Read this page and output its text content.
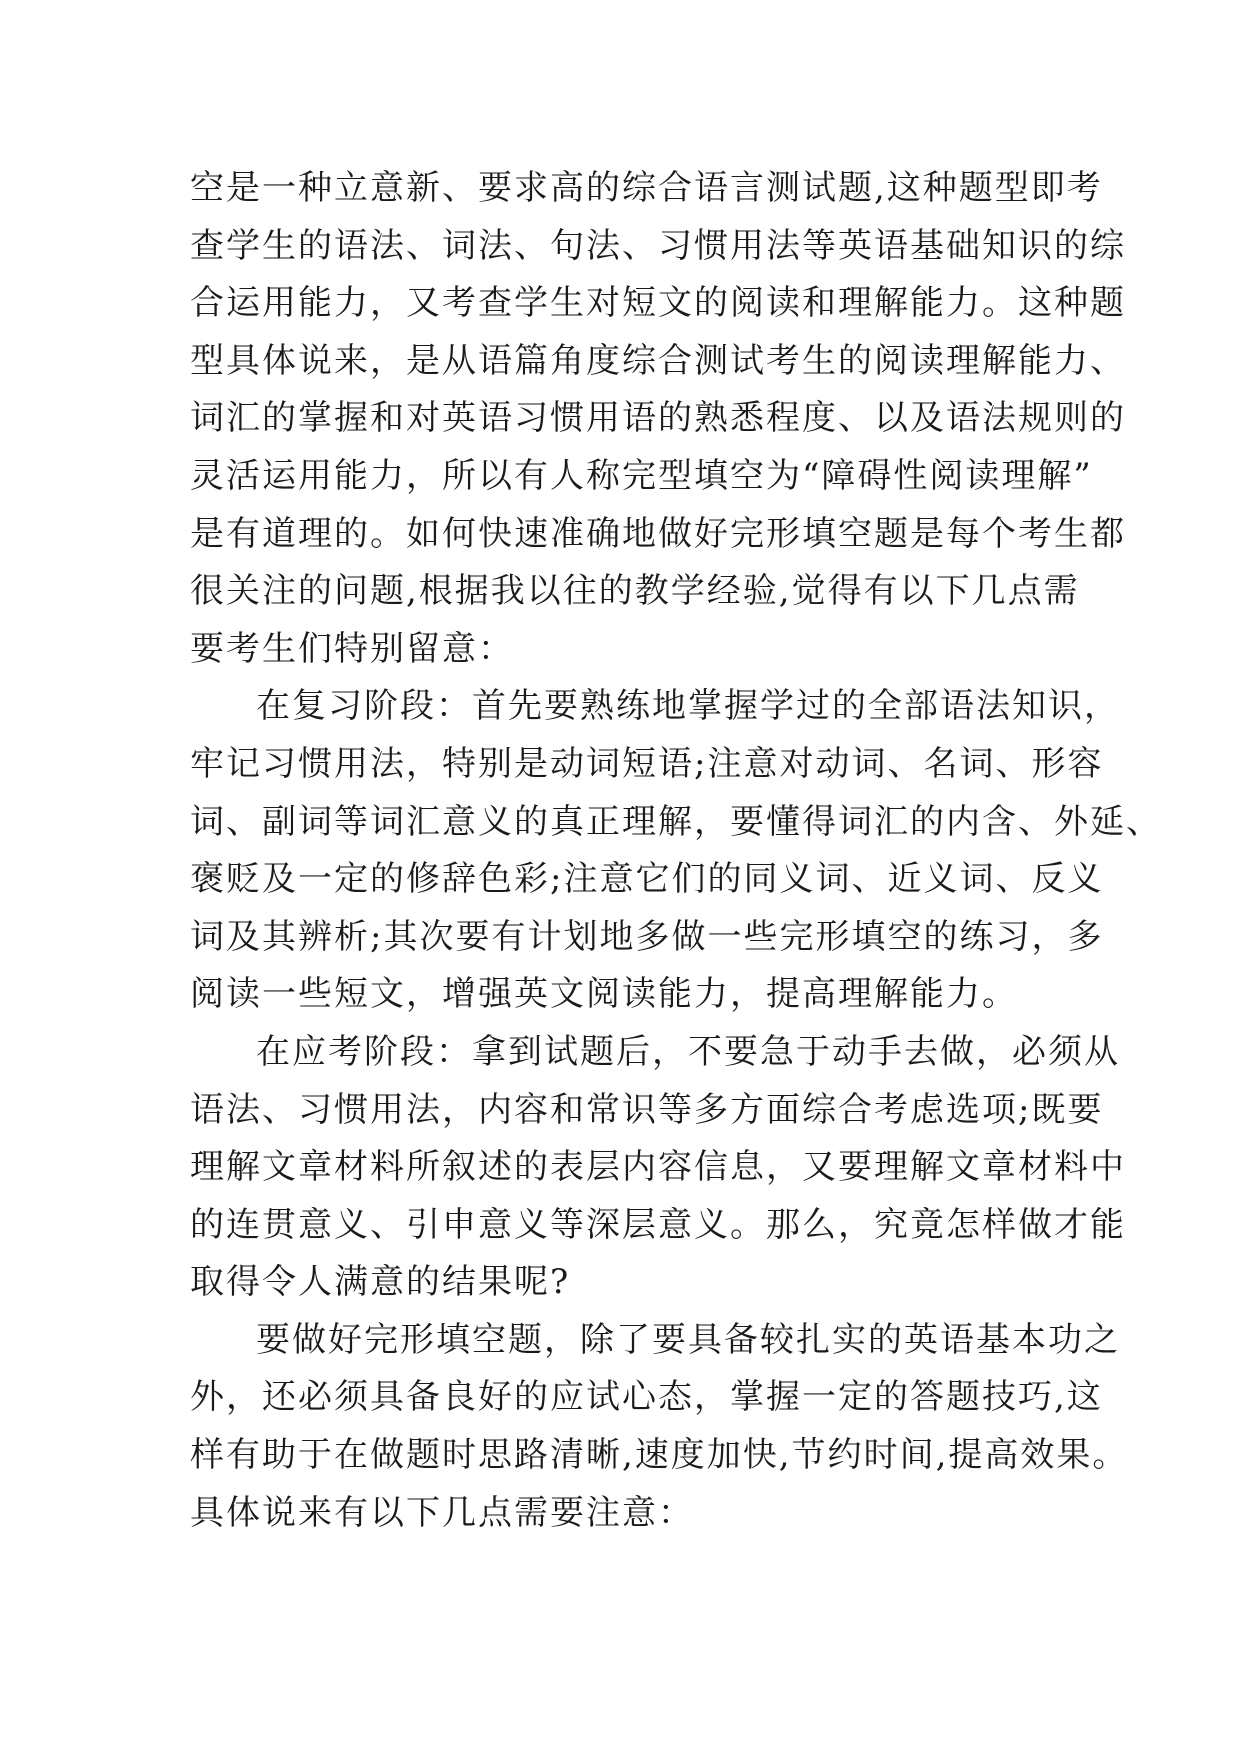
空是一种立意新、要求高的综合语言测试题,这种题型即考
查学生的语法、词法、句法、习惯用法等英语基础知识的综
合运用能力，又考查学生对短文的阅读和理解能力。这种题
型具体说来，是从语篇角度综合测试考生的阅读理解能力、
词汇的掌握和对英语习惯用语的熟悉程度、以及语法规则的
灵活运用能力，所以有人称完型填空为“障碍性阅读理解”
是有道理的。如何快速准确地做好完形填空题是每个考生都
很关注的问题,根据我以往的教学经验,觉得有以下几点需
要考生们特别留意：
在复习阶段：首先要熟练地掌握学过的全部语法知识，
牢记习惯用法，特别是动词短语;注意对动词、名词、形容
词、副词等词汇意义的真正理解，要懂得词汇的内含、外延、
褒贬及一定的修辞色彩;注意它们的同义词、近义词、反义
词及其辨析;其次要有计划地多做一些完形填空的练习，多
阅读一些短文，增强英文阅读能力，提高理解能力。
在应考阶段：拿到试题后，不要急于动手去做，必须从
语法、习惯用法，内容和常识等多方面综合考虑选项;既要
理解文章材料所叙述的表层内容信息，又要理解文章材料中
的连贯意义、引申意义等深层意义。那么，究竟怎样做才能
取得令人满意的结果呢?
要做好完形填空题，除了要具备较扎实的英语基本功之
外，还必须具备良好的应试心态，掌握一定的答题技巧,这
样有助于在做题时思路清晰,速度加快,节约时间,提高效果。
具体说来有以下几点需要注意：
